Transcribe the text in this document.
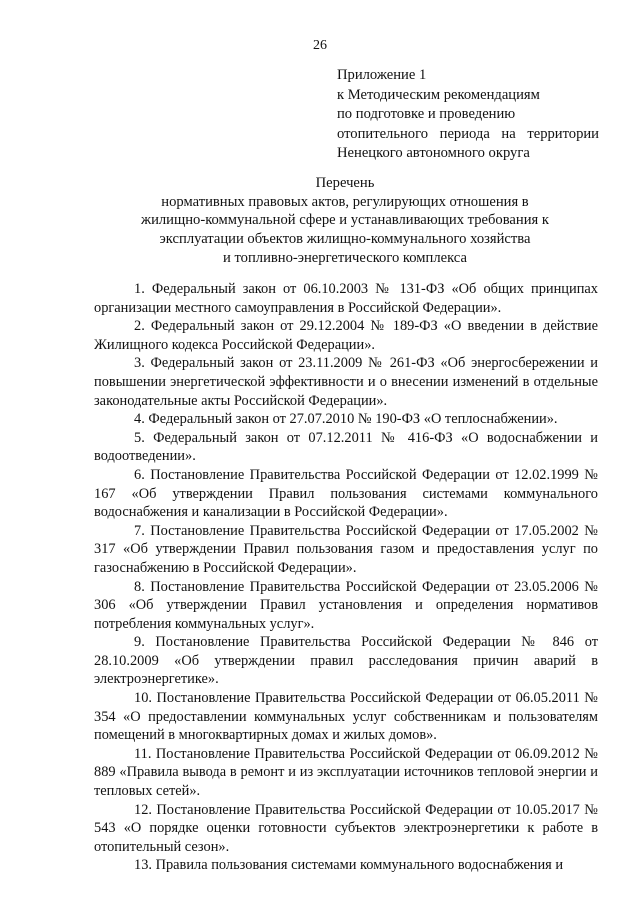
26
Приложение 1
к Методическим рекомендациям
по подготовке и проведению
отопительного периода на территории
Ненецкого автономного округа
Перечень
нормативных правовых актов, регулирующих отношения в
жилищно-коммунальной сфере и устанавливающих требования к
эксплуатации объектов жилищно-коммунального хозяйства
и топливно-энергетического комплекса

1. Федеральный закон от 06.10.2003 № 131-ФЗ «Об общих принципах организации местного самоуправления в Российской Федерации».

2. Федеральный закон от 29.12.2004 № 189-ФЗ «О введении в действие Жилищного кодекса Российской Федерации».

3. Федеральный закон от 23.11.2009 № 261-ФЗ «Об энергосбережении и повышении энергетической эффективности и о внесении изменений в отдельные законодательные акты Российской Федерации».

4. Федеральный закон от 27.07.2010 № 190-ФЗ «О теплоснабжении».

5. Федеральный закон от 07.12.2011 № 416-ФЗ «О водоснабжении и водоотведении».

6. Постановление Правительства Российской Федерации от 12.02.1999 № 167 «Об утверждении Правил пользования системами коммунального водоснабжения и канализации в Российской Федерации».

7. Постановление Правительства Российской Федерации от 17.05.2002 № 317 «Об утверждении Правил пользования газом и предоставления услуг по газоснабжению в Российской Федерации».

8. Постановление Правительства Российской Федерации от 23.05.2006 № 306 «Об утверждении Правил установления и определения нормативов потребления коммунальных услуг».

9. Постановление Правительства Российской Федерации № 846 от 28.10.2009 «Об утверждении правил расследования причин аварий в электроэнергетике».

10. Постановление Правительства Российской Федерации от 06.05.2011 № 354 «О предоставлении коммунальных услуг собственникам и пользователям помещений в многоквартирных домах и жилых домов».

11. Постановление Правительства Российской Федерации от 06.09.2012 № 889 «Правила вывода в ремонт и из эксплуатации источников тепловой энергии и тепловых сетей».

12. Постановление Правительства Российской Федерации от 10.05.2017 № 543 «О порядке оценки готовности субъектов электроэнергетики к работе в отопительный сезон».

13. Правила пользования системами коммунального водоснабжения и
